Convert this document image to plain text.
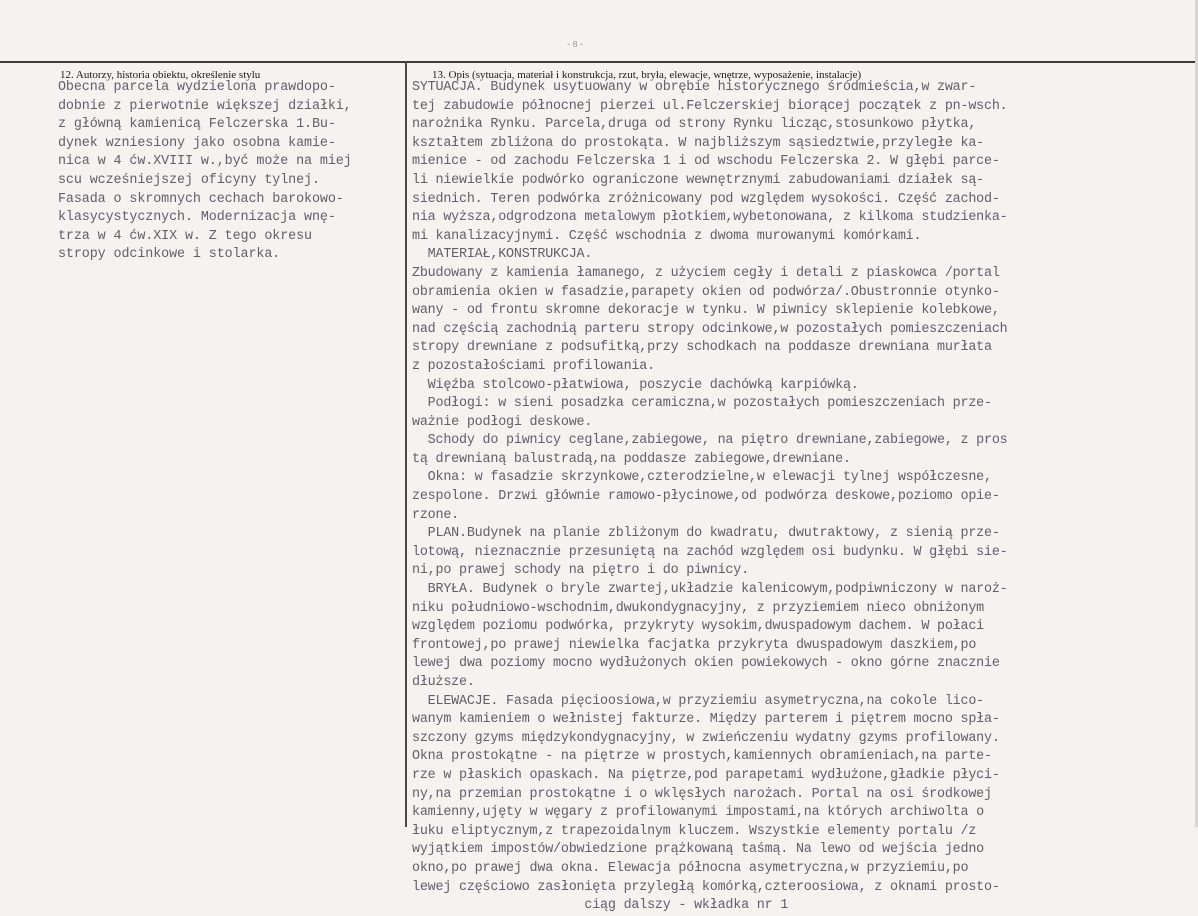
-8-
12. Autorzy, historia obiektu, określenie stylu	13. Opis (sytuacja, materiał i konstrukcja, rzut, bryła, elewacje, wnętrze, wyposażenie, instalacje)
Obecna parcela wydzielona prawdopo-
dobnie z pierwotnie większej działki,
z główną kamienicą Felczerska 1.Bu-
dynek wzniesiony jako osobna kamie-
nica w 4 ćw.XVIII w.,być może na miej
scu wcześniejszej oficyny tylnej.
Fasada o skromnych cechach barokowo-
klasycystycznych. Modernizacja wnę-
trza w 4 ćw.XIX w. Z tego okresu
stropy odcinkowe i stolarka.
SYTUACJA. Budynek usytuowany w obrębie historycznego śródmieścia,w zwar-
tej zabudowie północnej pierzei ul.Felczerskiej biorącej początek z pn-wsch.
narożnika Rynku. Parcela,druga od strony Rynku licząc,stosunkowo płytka,
kształtem zbliżona do prostokąta. W najbliższym sąsiedztwie,przyległe ka-
mienice - od zachodu Felczerska 1 i od wschodu Felczerska 2. W głębi parce-
li niewielkie podwórko ograniczone wewnętrznymi zabudowaniami działek są-
siednich. Teren podwórka zróżnicowany pod względem wysokości. Część zachod-
nia wyższa,odgrodzona metalowym płotkiem,wybetonowana, z kilkoma studzienka-
mi kanalizacyjnymi. Część wschodnia z dwoma murowanymi komórkami.
MATERIAŁ,KONSTRUKCJA.
Zbudowany z kamienia łamanego, z użyciem cegły i detali z piaskowca /portal
obramienia okien w fasadzie,parapety okien od podwórza/.Obustronnie otynko-
wany - od frontu skromne dekoracje w tynku. W piwnicy sklepienie kolebkowe,
nad częścią zachodnią parteru stropy odcinkowe,w pozostałych pomieszczeniach
stropy drewniane z podsufitką,przy schodkach na poddasze drewniana murłata
z pozostałościami profilowania.
Więźba stolcowo-płatwiowa, poszycie dachówką karpiówką.
Podłogi: w sieni posadzka ceramiczna,w pozostałych pomieszczeniach prze-
ważnie podłogi deskowe.
Schody do piwnicy ceglane,zabiegowe, na piętro drewniane,zabiegowe, z pros
tą drewnianą balustradą,na poddasze zabiegowe,drewniane.
Okna: w fasadzie skrzynkowe,czterodzielne,w elewacji tylnej współczesne,
zespolone. Drzwi głównie ramowo-płycinowe,od podwórza deskowe,poziomo opie-
rzone.
PLAN.Budynek na planie zbliżonym do kwadratu, dwutraktowy, z sienią prze-
lotową, nieznacznie przesuniętą na zachód względem osi budynku. W głębi sie-
ni,po prawej schody na piętro i do piwnicy.
BRYŁA. Budynek o bryle zwartej,układzie kalenicowym,podpiwniczony w naroż-
niku południowo-wschodnim,dwukondygnacyjny, z przyziemiem nieco obniżonym
względem poziomu podwórka, przykryty wysokim,dwuspadowym dachem. W połaci
frontowej,po prawej niewielka facjatka przykryta dwuspadowym daszkiem,po
lewej dwa poziomy mocno wydłużonych okien powiekowych - okno górne znacznie
dłuższe.
ELEWACJE. Fasada pięcioosiowa,w przyziemiu asymetryczna,na cokole lico-
wanym kamieniem o wełnistej fakturze. Między parterem i piętrem mocno spła-
szczony gzyms międzykondygnacyjny, w zwieńczeniu wydatny gzyms profilowany.
Okna prostokątne - na piętrze w prostych,kamiennych obramieniach,na parte-
rze w płaskich opaskach. Na piętrze,pod parapetami wydłużone,gładkie płyci-
ny,na przemian prostokątne i o wklęsłych narożach. Portal na osi środkowej
kamienny,ujęty w węgary z profilowanymi impostami,na których archiwolta o
łuku eliptycznym,z trapezoidalnym kluczem. Wszystkie elementy portalu /z
wyjątkiem impostów/obwiedzione prążkowaną taśmą. Na lewo od wejścia jedno
okno,po prawej dwa okna. Elewacja północna asymetryczna,w przyziemiu,po
lewej częściowo zasłonięta przyległą komórką,czteroosiowa, z oknami prosto-
ciąg dalszy - wkładka nr 1
